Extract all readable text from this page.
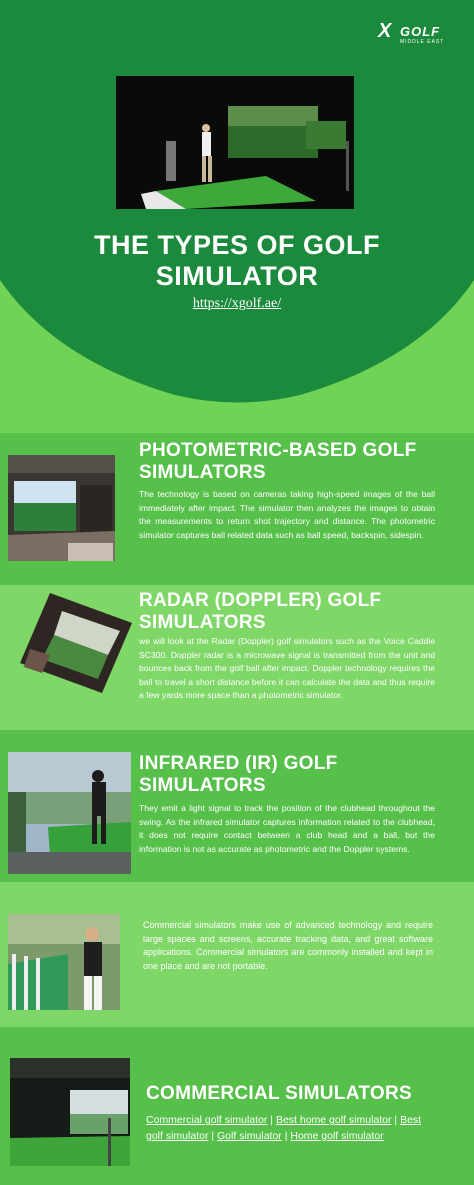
X GOLF
MIDDLE EAST
THE TYPES OF GOLF SIMULATOR
https://xgolf.ae/
PHOTOMETRIC-BASED GOLF SIMULATORS
The technology is based on cameras taking high-speed images of the ball immediately after impact. The simulator then analyzes the images to obtain the measurements to return shot trajectory and distance. The photometric simulator captures ball related data such as ball speed, backspin, sidespin.
RADAR (DOPPLER) GOLF SIMULATORS
we will look at the Radar (Doppler) golf simulators such as the Voice Caddie SC300. Doppler radar is a microwave signal is transmitted from the unit and bounces back from the golf ball after impact. Doppler technology requires the ball to travel a short distance before it can calculate the data and thus require a few yards more space than a photometric simulator.
INFRARED (IR) GOLF SIMULATORS
They emit a light signal to track the position of the clubhead throughout the swing. As the infrared simulator captures information related to the clubhead, it does not require contact between a club head and a ball, but the information is not as accurate as photometric and the Doppler systems.
Commercial simulators make use of advanced technology and require large spaces and screens, accurate tracking data, and great software applications. Commercial simulators are commonly installed and kept in one place and are not portable.
COMMERCIAL SIMULATORS
Commercial golf simulator | Best home golf simulator | Best golf simulator | Golf simulator | Home golf simulator
